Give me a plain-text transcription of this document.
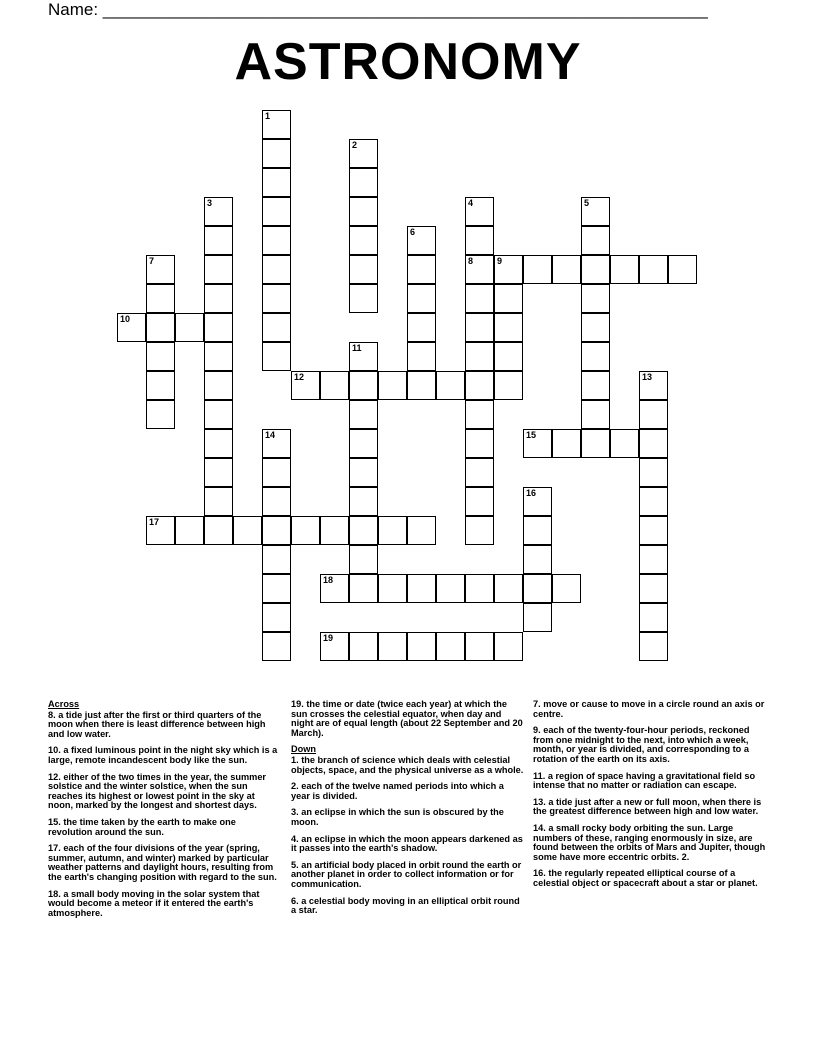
Name: ________________________________________________________________
ASTRONOMY
1
2
3	4
8
5
6
7	9
10
11
12	13
14	15
16
17
18
19
Across
8. a tide just after the first or third quarters of the moon when there is least difference between high and low water.
10. a fixed luminous point in the night sky which is a large, remote incandescent body like the sun.
12. either of the two times in the year, the summer solstice and the winter solstice, when the sun reaches its highest or lowest point in the sky at noon, marked by the longest and shortest days.
15. the time taken by the earth to make one revolution around the sun.
17. each of the four divisions of the year (spring, summer, autumn, and winter) marked by particular weather patterns and daylight hours, resulting from the earth's changing position with regard to the sun.
18. a small body moving in the solar system that would become a meteor if it entered the earth's atmosphere.
19. the time or date (twice each year) at which the sun crosses the celestial equator, when day and night are of equal length (about 22 September and 20 March).
Down
1. the branch of science which deals with celestial objects, space, and the physical universe as a whole.
2. each of the twelve named periods into which a year is divided.
3. an eclipse in which the sun is obscured by the moon.
4. an eclipse in which the moon appears darkened as it passes into the earth's shadow.
5. an artificial body placed in orbit round the earth or another planet in order to collect information or for communication.
6. a celestial body moving in an elliptical orbit round a star.
7. move or cause to move in a circle round an axis or centre.
9. each of the twenty-four-hour periods, reckoned from one midnight to the next, into which a week, month, or year is divided, and corresponding to a rotation of the earth on its axis.
11. a region of space having a gravitational field so intense that no matter or radiation can escape.
13. a tide just after a new or full moon, when there is the greatest difference between high and low water.
14. a small rocky body orbiting the sun. Large numbers of these, ranging enormously in size, are found between the orbits of Mars and Jupiter, though some have more eccentric orbits. 2.
16. the regularly repeated elliptical course of a celestial object or spacecraft about a star or planet.
